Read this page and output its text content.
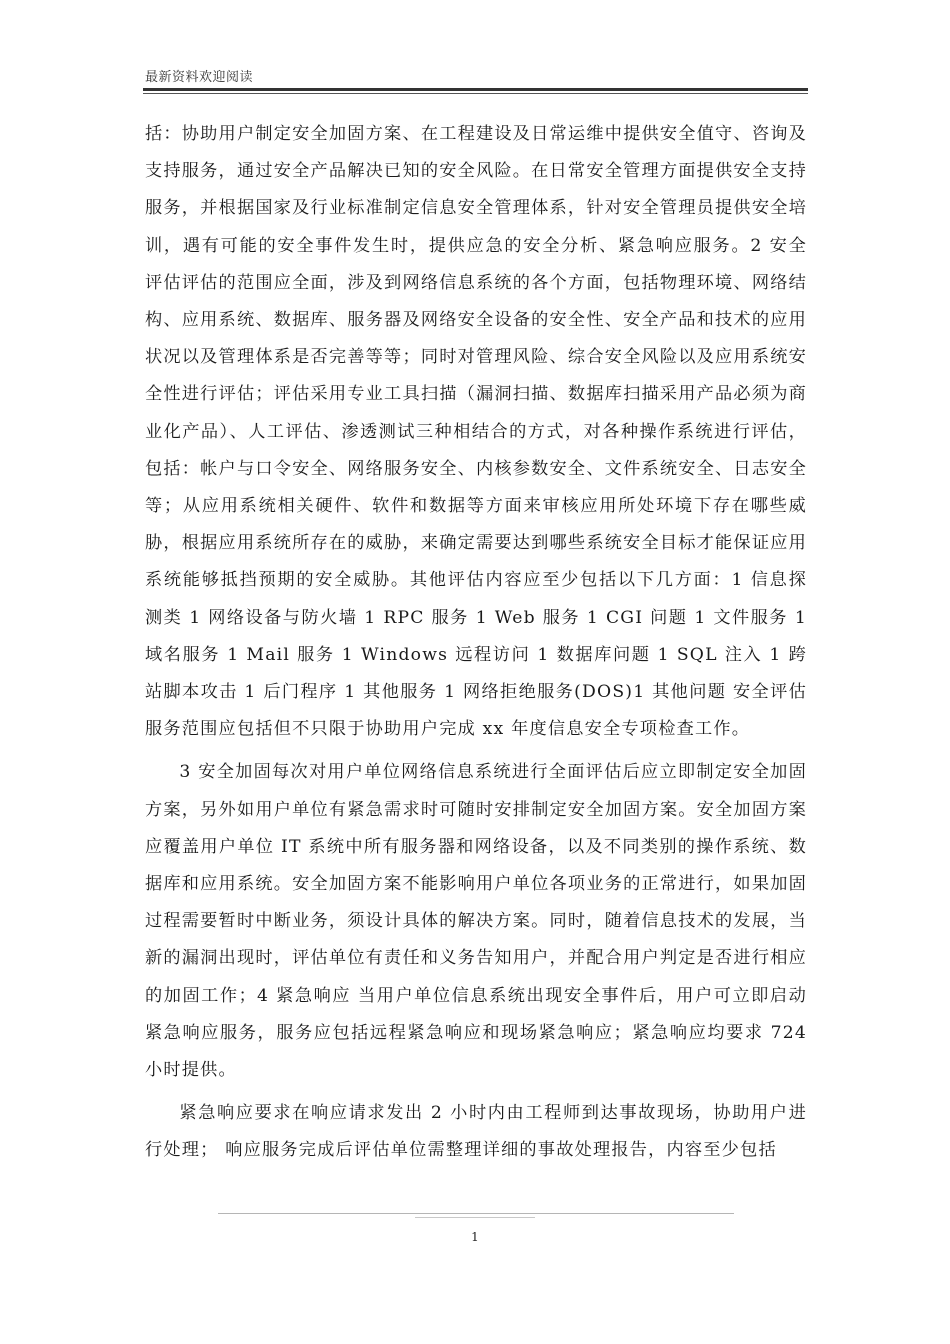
最新资料欢迎阅读

括：协助用户制定安全加固方案、在工程建设及日常运维中提供安全值守、咨询及支持服务，通过安全产品解决已知的安全风险。在日常安全管理方面提供安全支持服务，并根据国家及行业标准制定信息安全管理体系，针对安全管理员提供安全培训，遇有可能的安全事件发生时，提供应急的安全分析、紧急响应服务。2 安全评估评估的范围应全面，涉及到网络信息系统的各个方面，包括物理环境、网络结构、应用系统、数据库、服务器及网络安全设备的安全性、安全产品和技术的应用状况以及管理体系是否完善等等；同时对管理风险、综合安全风险以及应用系统安全性进行评估；评估采用专业工具扫描（漏洞扫描、数据库扫描采用产品必须为商业化产品）、人工评估、渗透测试三种相结合的方式，对各种操作系统进行评估，包括：帐户与口令安全、网络服务安全、内核参数安全、文件系统安全、日志安全等；从应用系统相关硬件、软件和数据等方面来审核应用所处环境下存在哪些威胁，根据应用系统所存在的威胁，来确定需要达到哪些系统安全目标才能保证应用系统能够抵挡预期的安全威胁。其他评估内容应至少包括以下几方面：1 信息探测类 1 网络设备与防火墙 1 RPC 服务 1 Web 服务 1 CGI 问题 1 文件服务 1 域名服务 1 Mail 服务 1 Windows 远程访问 1 数据库问题 1 SQL 注入 1 跨站脚本攻击 1 后门程序 1 其他服务 1 网络拒绝服务(DOS)1 其他问题 安全评估服务范围应包括但不只限于协助用户完成 xx 年度信息安全专项检查工作。

3 安全加固每次对用户单位网络信息系统进行全面评估后应立即制定安全加固方案，另外如用户单位有紧急需求时可随时安排制定安全加固方案。安全加固方案应覆盖用户单位 IT 系统中所有服务器和网络设备，以及不同类别的操作系统、数据库和应用系统。安全加固方案不能影响用户单位各项业务的正常进行，如果加固过程需要暂时中断业务，须设计具体的解决方案。同时，随着信息技术的发展，当新的漏洞出现时，评估单位有责任和义务告知用户，并配合用户判定是否进行相应的加固工作；4 紧急响应 当用户单位信息系统出现安全事件后，用户可立即启动紧急响应服务，服务应包括远程紧急响应和现场紧急响应；紧急响应均要求 724 小时提供。

紧急响应要求在响应请求发出 2 小时内由工程师到达事故现场，协助用户进行处理； 响应服务完成后评估单位需整理详细的事故处理报告，内容至少包括

1
